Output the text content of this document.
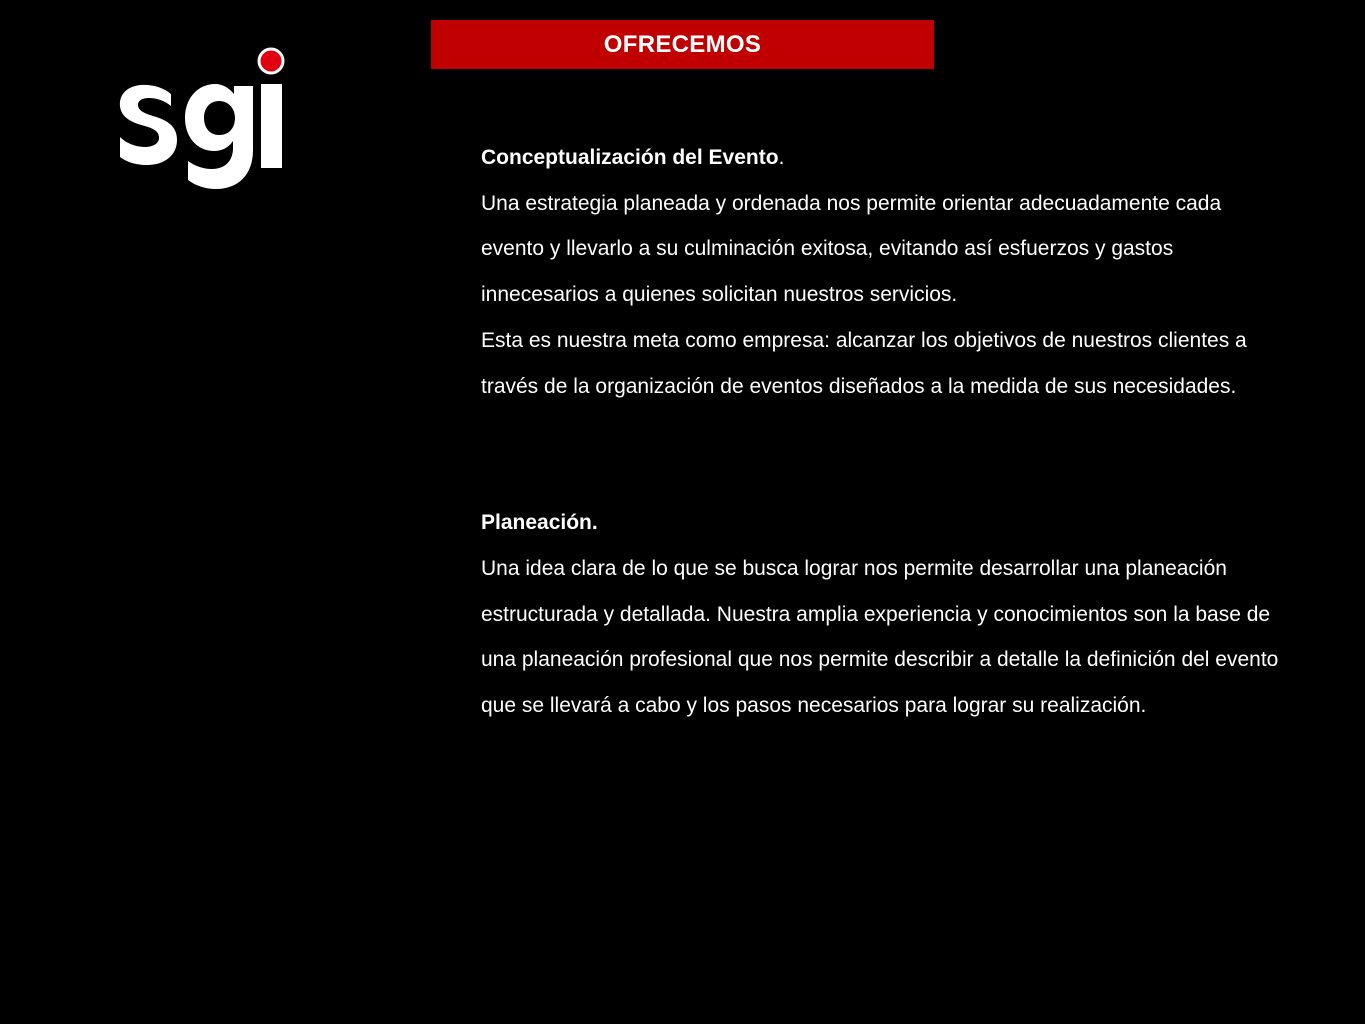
OFRECEMOS

Conceptualización del Evento.

Una estrategia planeada y ordenada nos permite orientar adecuadamente cada evento y llevarlo a su culminación exitosa, evitando así esfuerzos y gastos innecesarios a quienes solicitan nuestros servicios.

Esta es nuestra meta como empresa: alcanzar los objetivos de nuestros clientes a través de la organización de eventos diseñados a la medida de sus necesidades.

Planeación.

Una idea clara de lo que se busca lograr nos permite desarrollar una planeación estructurada y detallada. Nuestra amplia experiencia y conocimientos son la base de una planeación profesional que nos permite describir a detalle la definición del evento que se llevará a cabo y los pasos necesarios para lograr su realización.
